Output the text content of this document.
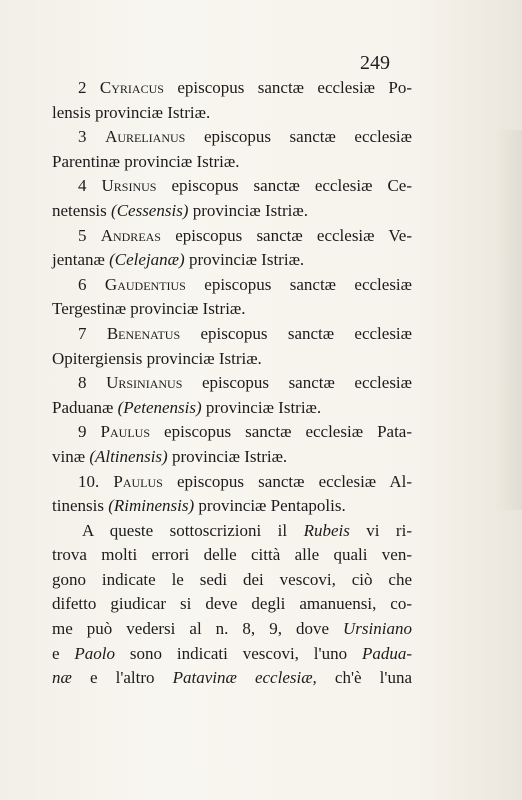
249
2 Cyriacus episcopus sanctæ ecclesiæ Po-
lensis provinciæ Istriæ.
3 Aurelianus episcopus sanctæ ecclesiæ
Parentinæ provinciæ Istriæ.
4 Ursinus episcopus sanctæ ecclesiæ Ce-
netensis (Cessensis) provinciæ Istriæ.
5 Andreas episcopus sanctæ ecclesiæ Ve-
jentanæ (Celejanæ) provinciæ Istriæ.
6 Gaudentius episcopus sanctæ ecclesiæ
Tergestinæ provinciæ Istriæ.
7 Benenatus episcopus sanctæ ecclesiæ
Opitergiensis provinciæ Istriæ.
8 Ursinianus episcopus sanctæ ecclesiæ
Paduanæ (Petenensis) provinciæ Istriæ.
9 Paulus episcopus sanctæ ecclesiæ Pata-
vinæ (Altinensis) provinciæ Istriæ.
10. Paulus episcopus sanctæ ecclesiæ Al-
tinensis (Riminensis) provinciæ Pentapolis.
A queste sottoscrizioni il Rubeis vi ri-
trova molti errori delle città alle quali ven-
gono indicate le sedi dei vescovi, ciò che
difetto giudicar si deve degli amanuensi, co-
me può vedersi al n. 8, 9, dove Ursiniano
e Paolo sono indicati vescovi, l'uno Padua-
næ e l'altro Patavinæ ecclesiæ, ch'è l'una
